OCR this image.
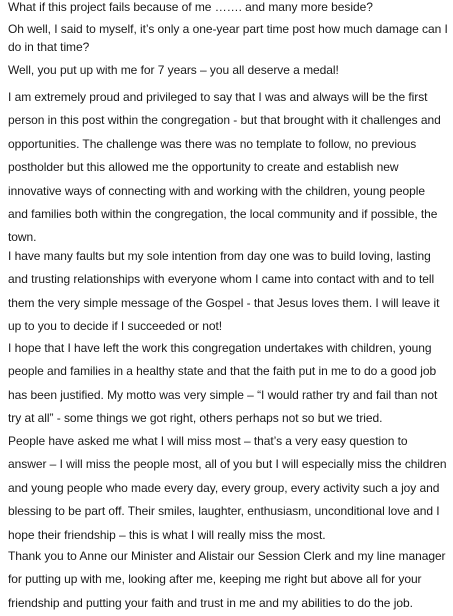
What if this project fails because of me ……. and many more beside?

Oh well, I said to myself, it’s only a one-year part time post how much damage can I do in that time?

Well, you put up with me for 7 years – you all deserve a medal!

I am extremely proud and privileged to say that I was and always will be the first person in this post within the congregation - but that brought with it challenges and opportunities. The challenge was there was no template to follow, no previous postholder but this allowed me the opportunity to create and establish new innovative ways of connecting with and working with the children, young people and families both within the congregation, the local community and if possible, the town.

I have many faults but my sole intention from day one was to build loving, lasting and trusting relationships with everyone whom I came into contact with and to tell them the very simple message of the Gospel - that Jesus loves them. I will leave it up to you to decide if I succeeded or not!

I hope that I have left the work this congregation undertakes with children, young people and families in a healthy state and that the faith put in me to do a good job has been justified. My motto was very simple – “I would rather try and fail than not try at all” - some things we got right, others perhaps not so but we tried.

People have asked me what I will miss most – that’s a very easy question to answer – I will miss the people most, all of you but I will especially miss the children and young people who made every day, every group, every activity such a joy and blessing to be part off. Their smiles, laughter, enthusiasm, unconditional love and I hope their friendship – this is what I will really miss the most.

Thank you to Anne our Minister and Alistair our Session Clerk and my line manager for putting up with me, looking after me, keeping me right but above all for your friendship and putting your faith and trust in me and my abilities to do the job.
